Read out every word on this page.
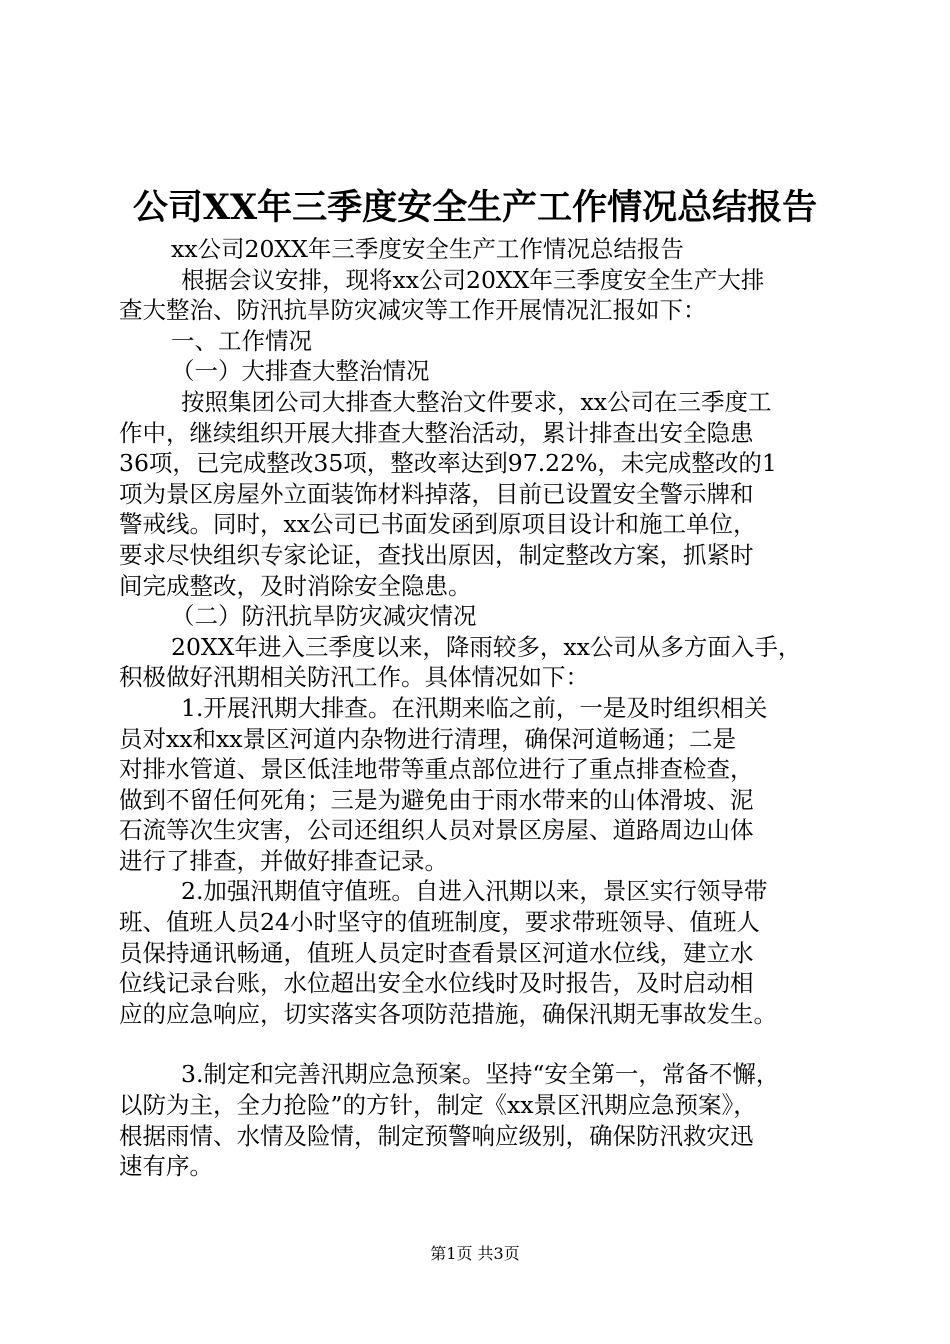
公司XX年三季度安全生产工作情况总结报告
xx公司20XX年三季度安全生产工作情况总结报告
根据会议安排，现将xx公司20XX年三季度安全生产大排
查大整治、防汛抗旱防灾减灾等工作开展情况汇报如下：
一、工作情况
（一）大排查大整治情况
按照集团公司大排查大整治文件要求，xx公司在三季度工
作中，继续组织开展大排查大整治活动，累计排查出安全隐患
36项，已完成整改35项，整改率达到97.22%，未完成整改的1
项为景区房屋外立面装饰材料掉落，目前已设置安全警示牌和
警戒线。同时，xx公司已书面发函到原项目设计和施工单位，
要求尽快组织专家论证，查找出原因，制定整改方案，抓紧时
间完成整改，及时消除安全隐患。
（二）防汛抗旱防灾减灾情况
20XX年进入三季度以来，降雨较多，xx公司从多方面入手，
积极做好汛期相关防汛工作。具体情况如下：
1.开展汛期大排查。在汛期来临之前，一是及时组织相关
员对xx和xx景区河道内杂物进行清理，确保河道畅通；二是
对排水管道、景区低洼地带等重点部位进行了重点排查检查，
做到不留任何死角；三是为避免由于雨水带来的山体滑坡、泥
石流等次生灾害，公司还组织人员对景区房屋、道路周边山体
进行了排查，并做好排查记录。
2.加强汛期值守值班。自进入汛期以来，景区实行领导带
班、值班人员24小时坚守的值班制度，要求带班领导、值班人
员保持通讯畅通，值班人员定时查看景区河道水位线，建立水
位线记录台账，水位超出安全水位线时及时报告，及时启动相
应的应急响应，切实落实各项防范措施，确保汛期无事故发生。
3.制定和完善汛期应急预案。坚持“安全第一，常备不懈，
以防为主，全力抢险”的方针，制定《xx景区汛期应急预案》，
根据雨情、水情及险情，制定预警响应级别，确保防汛救灾迅
速有序。
第1页 共3页
